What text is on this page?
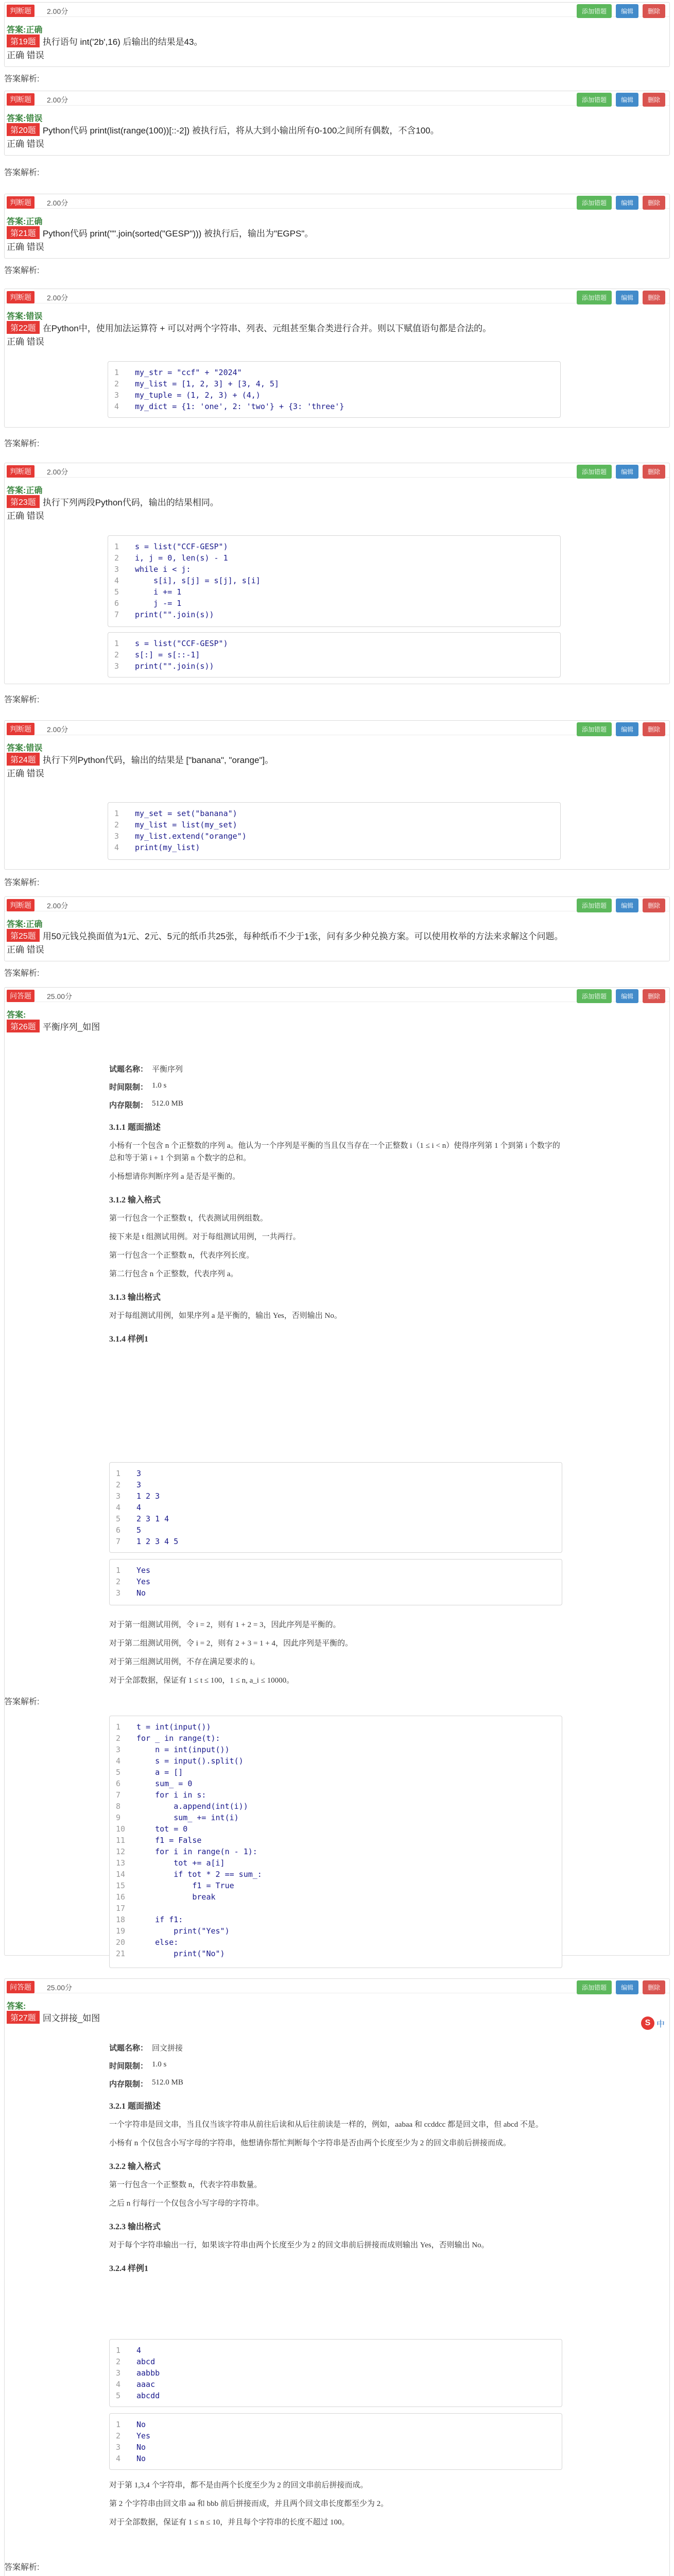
判断题	2.00分	添加错题	编辑	删除
答案:正确
第19题 执行语句 int('2b',16) 后输出的结果是43。
正确 错误
答案解析:
判断题	2.00分	添加错题	编辑	删除
答案:错误
第20题 Python代码 print(list(range(100))[::-2]) 被执行后，将从大到小输出所有0-100之间所有偶数，不含100。
正确 错误
答案解析:
判断题	2.00分	添加错题	编辑	删除
答案:正确
第21题 Python代码 print("".join(sorted("GESP"))) 被执行后，输出为"EGPS"。
正确 错误
答案解析:
判断题	2.00分	添加错题	编辑	删除
答案:错误
第22题 在Python中，使用加法运算符 + 可以对两个字符串、列表、元组甚至集合类进行合并。则以下赋值语句都是合法的。
正确 错误
1 my_str = "ccf" + "2024"
2 my_list = [1, 2, 3] + [3, 4, 5]
3 my_tuple = (1, 2, 3) + (4,)
4 my_dict = {1: 'one', 2: 'two'} + {3: 'three'}
答案解析:
判断题	2.00分	添加错题	编辑	删除
答案:正确
第23题 执行下列两段Python代码，输出的结果相同。
正确 错误
1 s = list("CCF-GESP")
2 i, j = 0, len(s) - 1
3 while i < j:
4    s[i], s[j] = s[j], s[i]
5    i += 1
6    j -= 1
7 print("".join(s))
1 s = list("CCF-GESP")
2 s[:] = s[::-1]
3 print("".join(s))
答案解析:
判断题	2.00分	添加错题	编辑	删除
答案:错误
第24题 执行下列Python代码，输出的结果是 ["banana", "orange"]。
正确 错误
1 my_set = set("banana")
2 my_list = list(my_set)
3 my_list.extend("orange")
4 print(my_list)
答案解析:
判断题	2.00分	添加错题	编辑	删除
答案:正确
第25题 用50元钱兑换面值为1元、2元、5元的纸币共25张，每种纸币不少于1张，问有多少种兑换方案。可以使用枚举的方法来求解这个问题。
正确 错误
答案解析:
问答题	25.00分	添加错题	编辑	删除
答案:
第26题 平衡序列_如图
试题名称： 平衡序列
时间限制： 1.0 s
内存限制： 512.0 MB
3.1.1 题面描述

小杨有一个包含 n 个正整数的序列 a。他认为一个序列是平衡的当且仅当存在一个正整数 i（1 ≤ i < n）使得序列第 1 个到第 i 个数字的总和等于第 i + 1 个到第 n 个数字的总和。

小杨想请你判断序列 a 是否是平衡的。

3.1.2 输入格式

第一行包含一个正整数 t，代表测试用例组数。

接下来是 t 组测试用例。对于每组测试用例，一共两行。

第一行包含一个正整数 n，代表序列长度。

第二行包含 n 个正整数，代表序列 a。

3.1.3 输出格式

对于每组测试用例，如果序列 a 是平衡的，输出 Yes，否则输出 No。

3.1.4 样例1
1 3
2 3
3 1 2 3
4 4
5 2 3 1 4
6 5
7 1 2 3 4 5
1 Yes
2 Yes
3 No

对于第一组测试用例，令 i = 2，则有 1 + 2 = 3，因此序列是平衡的。

对于第二组测试用例，令 i = 2，则有 2 + 3 = 1 + 4，因此序列是平衡的。

对于第三组测试用例，不存在满足要求的 i。

对于全部数据，保证有 1 ≤ t ≤ 100，1 ≤ n, a_i ≤ 10000。

答案解析:
1 t = int(input())
2 for _ in range(t):
3    n = int(input())
4    s = input().split()
5    a = []
6    sum_ = 0
7    for i in s:
8        a.append(int(i))
9        sum_ += int(i)
10    tot = 0
11    f1 = False
12    for i in range(n - 1):
13        tot += a[i]
14        if tot * 2 == sum_:
15            f1 = True
16            break
17
18    if f1:
19        print("Yes")
20    else:
21        print("No")
问答题	25.00分	添加错题	编辑	删除
答案:
第27题 回文拼接_如图	S 中
试题名称： 回文拼接
时间限制： 1.0 s
内存限制： 512.0 MB
3.2.1 题面描述

一个字符串是回文串，当且仅当该字符串从前往后读和从后往前读是一样的，例如，aabaa 和 ccddcc 都是回文串，但 abcd 不是。

小杨有 n 个仅包含小写字母的字符串，他想请你帮忙判断每个字符串是否由两个长度至少为 2 的回文串前后拼接而成。

3.2.2 输入格式

第一行包含一个正整数 n，代表字符串数量。

之后 n 行每行一个仅包含小写字母的字符串。

3.2.3 输出格式

对于每个字符串输出一行，如果该字符串由两个长度至少为 2 的回文串前后拼接而成则输出 Yes，否则输出 No。

3.2.4 样例1
1 4
2 abcd
3 aabbb
4 aaac
5 abcdd
1 No
2 Yes
3 No
4 No

对于第 1,3,4 个字符串，都不是由两个长度至少为 2 的回文串前后拼接而成。

第 2 个字符串由回文串 aa 和 bbb 前后拼接而成，并且两个回文串长度都至少为 2。

对于全部数据，保证有 1 ≤ n ≤ 10，并且每个字符串的长度不超过 100。

答案解析:
